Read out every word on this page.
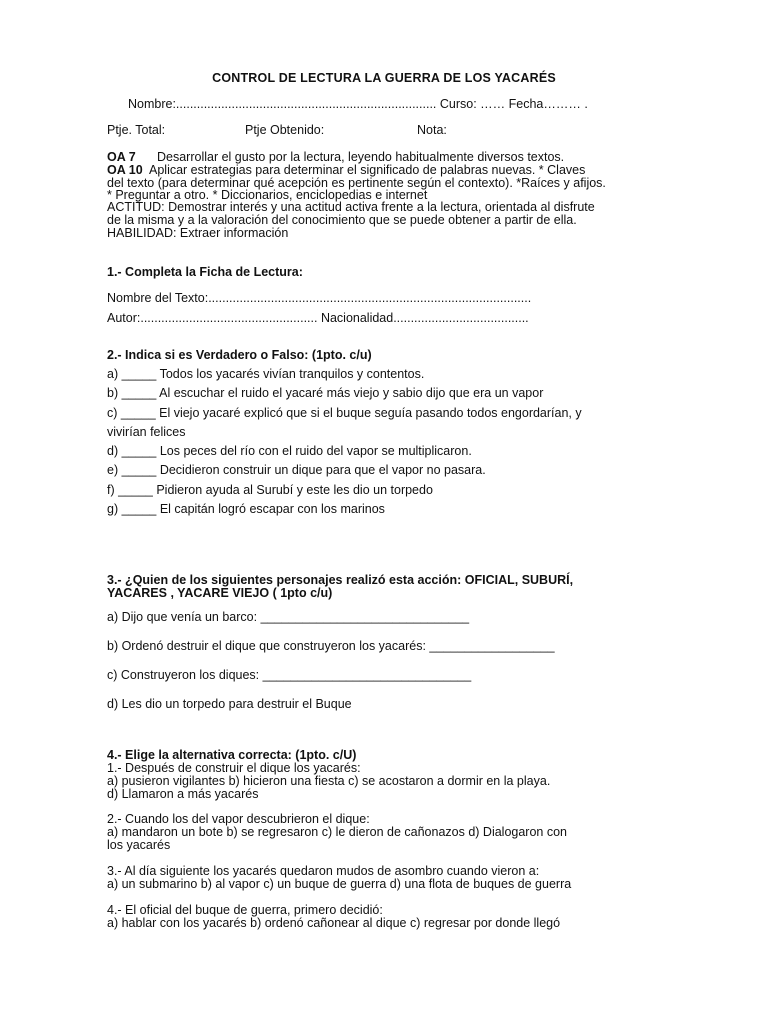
CONTROL DE LECTURA LA GUERRA DE LOS YACARÉS
Nombre:........................................................................... Curso: …… Fecha……… .
Ptje. Total:	Ptje Obtenido:	Nota:
OA 7 Desarrollar el gusto por la lectura, leyendo habitualmente diversos textos.
OA 10 Aplicar estrategias para determinar el significado de palabras nuevas. * Claves
del texto (para determinar qué acepción es pertinente según el contexto). *Raíces y afijos.
* Preguntar a otro. * Diccionarios, enciclopedias e internet
ACTITUD: Demostrar interés y una actitud activa frente a la lectura, orientada al disfrute
de la misma y a la valoración del conocimiento que se puede obtener a partir de ella.
HABILIDAD: Extraer información
1.- Completa la Ficha de Lectura:
Nombre del Texto:.............................................................................................
Autor:................................................... Nacionalidad.......................................
2.- Indica si es Verdadero o Falso: (1pto. c/u)
a) _____ Todos los yacarés vivían tranquilos y contentos.
b) _____ Al escuchar el ruido el yacaré más viejo y sabio dijo que era un vapor
c) _____ El viejo yacaré explicó que si el buque seguía pasando todos engordarían, y
vivirían felices
d) _____ Los peces del río con el ruido del vapor se multiplicaron.
e) _____ Decidieron construir un dique para que el vapor no pasara.
f) _____ Pidieron ayuda al Surubí y este les dio un torpedo
g) _____ El capitán logró escapar con los marinos
3.- ¿Quien de los siguientes personajes realizó esta acción: OFICIAL, SUBURÍ,
YACARES , YACARE VIEJO ( 1pto c/u)
a) Dijo que venía un barco: ______________________________
b) Ordenó destruir el dique que construyeron los yacarés: __________________
c) Construyeron los diques: ______________________________
d) Les dio un torpedo para destruir el Buque
4.- Elige la alternativa correcta: (1pto. c/U)
1.- Después de construir el dique los yacarés:
a) pusieron vigilantes b) hicieron una fiesta c) se acostaron a dormir en la playa.
d) Llamaron a más yacarés
2.- Cuando los del vapor descubrieron el dique:
a) mandaron un bote b) se regresaron c) le dieron de cañonazos d) Dialogaron con
los yacarés
3.- Al día siguiente los yacarés quedaron mudos de asombro cuando vieron a:
a) un submarino b) al vapor c) un buque de guerra d) una flota de buques de guerra
4.- El oficial del buque de guerra, primero decidió:
a) hablar con los yacarés b) ordenó cañonear al dique c) regresar por donde llegó
